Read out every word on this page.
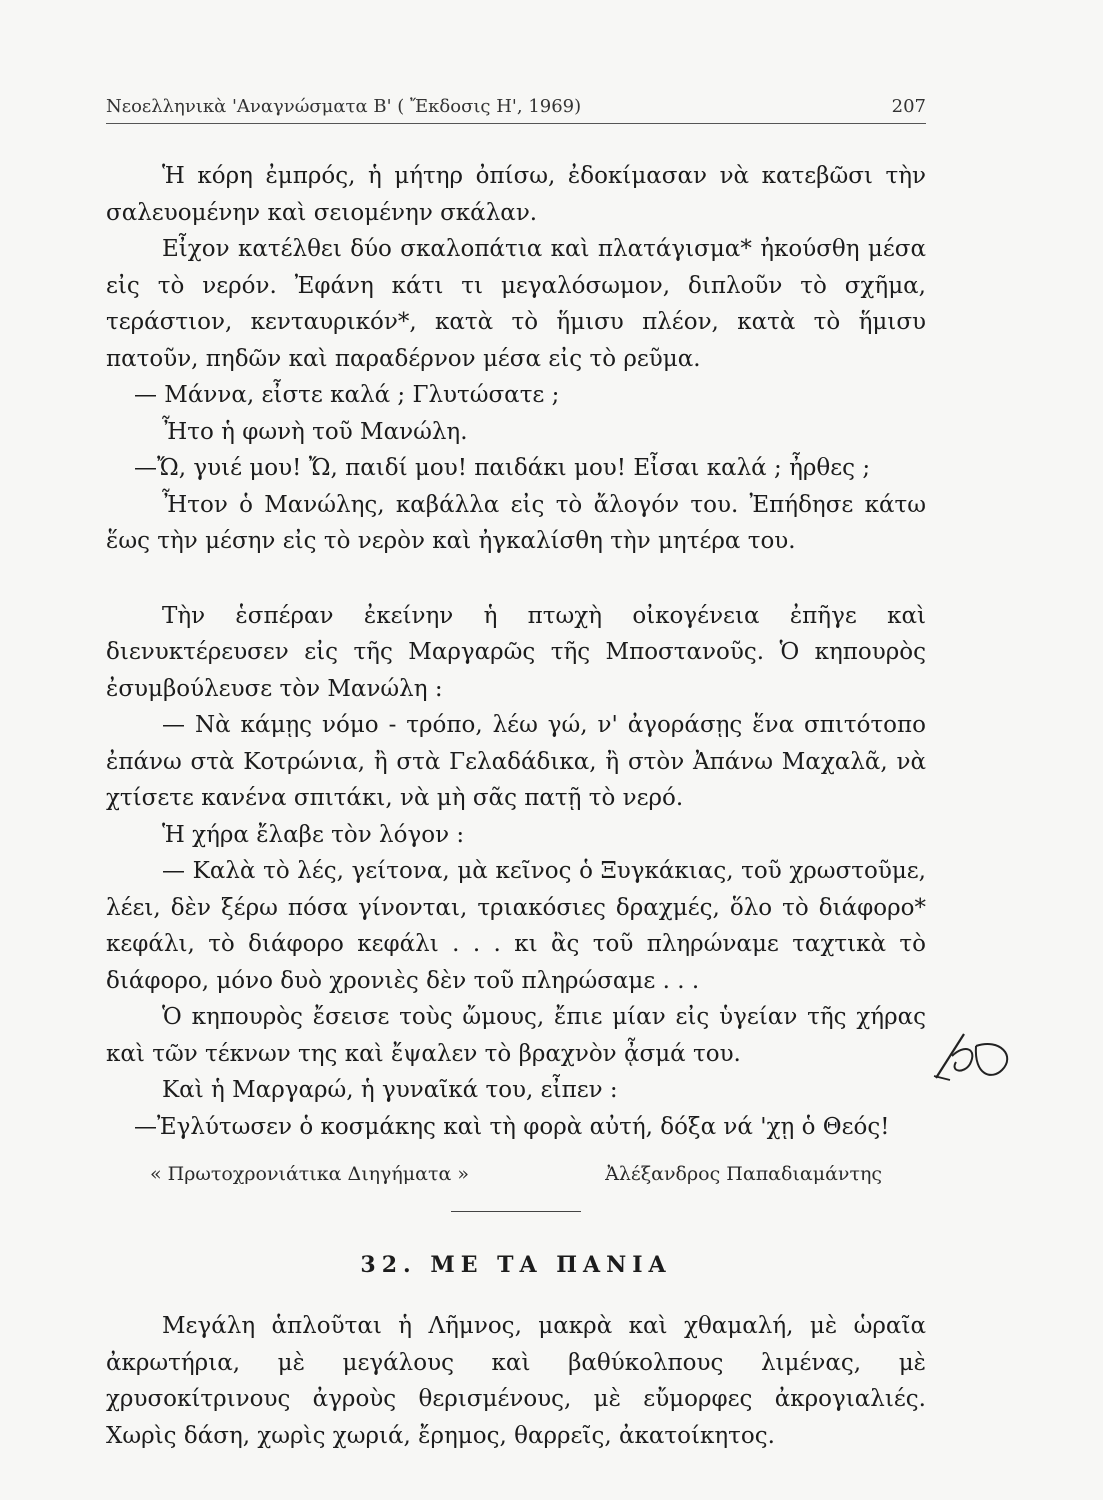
Νεοελληνικὰ 'Αναγνώσματα Β' ( Ἔκδοσις Η', 1969)	207

Ἡ κόρη ἐμπρός, ἡ μήτηρ ὀπίσω, ἐδοκίμασαν νὰ κατεβῶσι τὴν σαλευομένην καὶ σειομένην σκάλαν.

Εἶχον κατέλθει δύο σκαλοπάτια καὶ πλατάγισμα* ἠκούσθη μέσα εἰς τὸ νερόν. Ἐφάνη κάτι τι μεγαλόσωμον, διπλοῦν τὸ σχῆμα, τεράστιον, κενταυρικόν*, κατὰ τὸ ἥμισυ πλέον, κατὰ τὸ ἥμισυ πατοῦν, πηδῶν καὶ παραδέρνον μέσα εἰς τὸ ρεῦμα.

— Μάννα, εἶστε καλά ; Γλυτώσατε ;

Ἦτο ἡ φωνὴ τοῦ Μανώλη.

—Ὤ, γυιέ μου! Ὤ, παιδί μου! παιδάκι μου! Εἶσαι καλά ; ἦρθες ;

Ἦτον ὁ Μανώλης, καβάλλα εἰς τὸ ἄλογόν του. Ἐπήδησε κάτω ἕως τὴν μέσην εἰς τὸ νερὸν καὶ ἠγκαλίσθη τὴν μητέρα του.

Τὴν ἑσπέραν ἐκείνην ἡ πτωχὴ οἰκογένεια ἐπῆγε καὶ διενυκτέρευσεν εἰς τῆς Μαργαρῶς τῆς Μποστανοῦς. Ὁ κηπουρὸς ἐσυμβούλευσε τὸν Μανώλη :

— Νὰ κάμῃς νόμο - τρόπο, λέω γώ, ν' ἀγοράσῃς ἕνα σπιτότοπο ἐπάνω στὰ Κοτρώνια, ἢ στὰ Γελαδάδικα, ἢ στὸν Ἀπάνω Μαχαλᾶ, νὰ χτίσετε κανένα σπιτάκι, νὰ μὴ σᾶς πατῇ τὸ νερό.

Ἡ χήρα ἔλαβε τὸν λόγον :

— Καλὰ τὸ λές, γείτονα, μὰ κεῖνος ὁ Ξυγκάκιας, τοῦ χρωστοῦμε, λέει, δὲν ξέρω πόσα γίνονται, τριακόσιες δραχμές, ὅλο τὸ διάφορο* κεφάλι, τὸ διάφορο κεφάλι . . . κι ἂς τοῦ πληρώναμε ταχτικὰ τὸ διάφορο, μόνο δυὸ χρονιὲς δὲν τοῦ πληρώσαμε . . .

Ὁ κηπουρὸς ἔσεισε τοὺς ὤμους, ἔπιε μίαν εἰς ὑγείαν τῆς χήρας καὶ τῶν τέκνων της καὶ ἔψαλεν τὸ βραχνὸν ᾆσμά του.

Καὶ ἡ Μαργαρώ, ἡ γυναῖκά του, εἶπεν :

—Ἐγλύτωσεν ὁ κοσμάκης καὶ τὴ φορὰ αὐτή, δόξα νά 'χῃ ὁ Θεός!

« Πρωτοχρονιάτικα Διηγήματα »	Ἀλέξανδρος Παπαδιαμάντης
32. ΜΕ ΤΑ ΠΑΝΙΑ

Μεγάλη ἁπλοῦται ἡ Λῆμνος, μακρὰ καὶ χθαμαλή, μὲ ὡραῖα ἀκρωτήρια, μὲ μεγάλους καὶ βαθύκολπους λιμένας, μὲ χρυσοκίτρινους ἀγροὺς θερισμένους, μὲ εὔμορφες ἀκρογιαλιές. Χωρὶς δάση, χωρὶς χωριά, ἔρημος, θαρρεῖς, ἀκατοίκητος.
